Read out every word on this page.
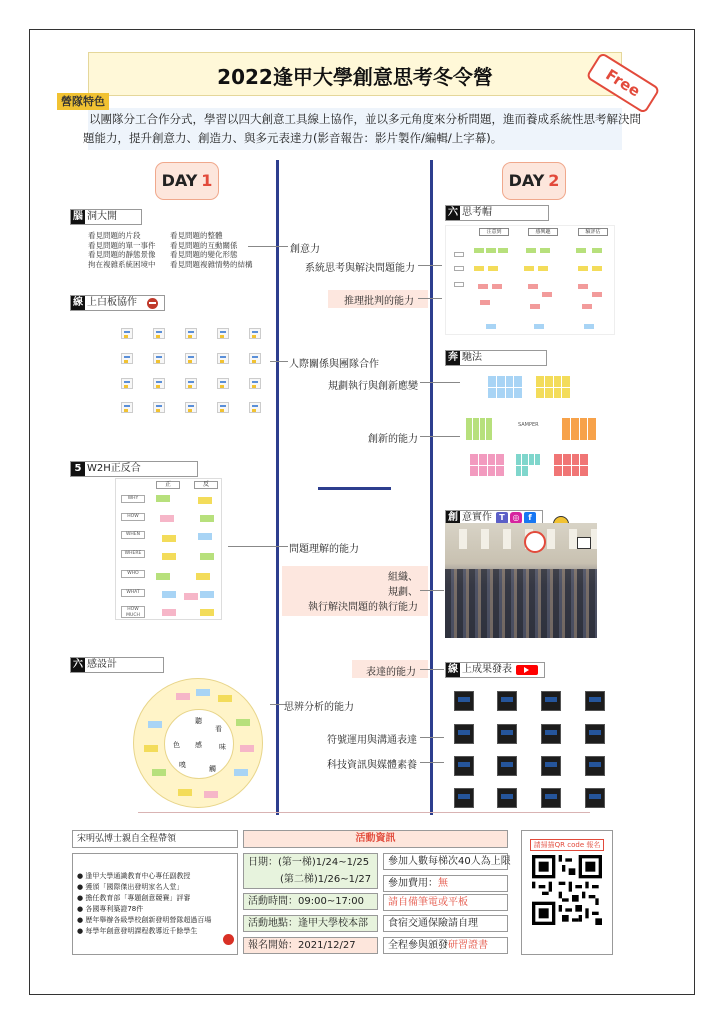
2022逢甲大學創意思考冬令營	Free
營隊特色
以團隊分工合作分式，學習以四大創意工具線上協作，並以多元角度來分析問題，進而養成系統性思考解決問題能力，提升創意力、創造力、與多元表達力(影音報告：影片製作/編輯/上字幕)。
DAY 1	DAY 2
腦 洞大開
看見問題的片段	看見問題的整體
看見問題的單一事件	看見問題的互動關係
看見問題的靜態景像	看見問題的變化形態
拘在複雜系統困境中	看見問題複雜情勢的結構
線 上白板協作
5 W2H正反合
正	反
WHY
HOW
WHEN
WHERE
WHO
WHAT
HOW MUCH
六 感設計
聽
看
色	味
嗅	觸
感
六 思考帽
注意到	感興趣	驗評估
奔 馳法
SAMPER
創 意實作 T ◎	f
線 上成果發表
創意力
系統思考與解決問題能力
推理批判的能力
人際關係與團隊合作
規劃執行與創新應變
創新的能力
問題理解的能力
組織、
規劃、
執行解決問題的執行能力
表達的能力
思辨分析的能力
符號運用與溝通表達
科技資訊與媒體素養
宋明弘博士親自全程帶領
● 逢甲大學通識教育中心專任副教授
● 獲頒「國際傑出發明家名人堂」
● 擔任教育部「專題創意競賽」評審
● 各國專利築證78件
● 歷年舉辦各級學校創新發明營隊超過百場
● 每學年創意發明課程教導近千餘學生
活動資訊
日期：(第一梯)1/24~1/25
(第二梯)1/26~1/27
活動時間：09:00~17:00
活動地點：逢甲大學校本部
報名開始：2021/12/27
參加人數每梯次40人為上限
參加費用：無
請自備筆電或平板
食宿交通保險請自理
全程參與頒發研習證書
請掃描QR code 報名
